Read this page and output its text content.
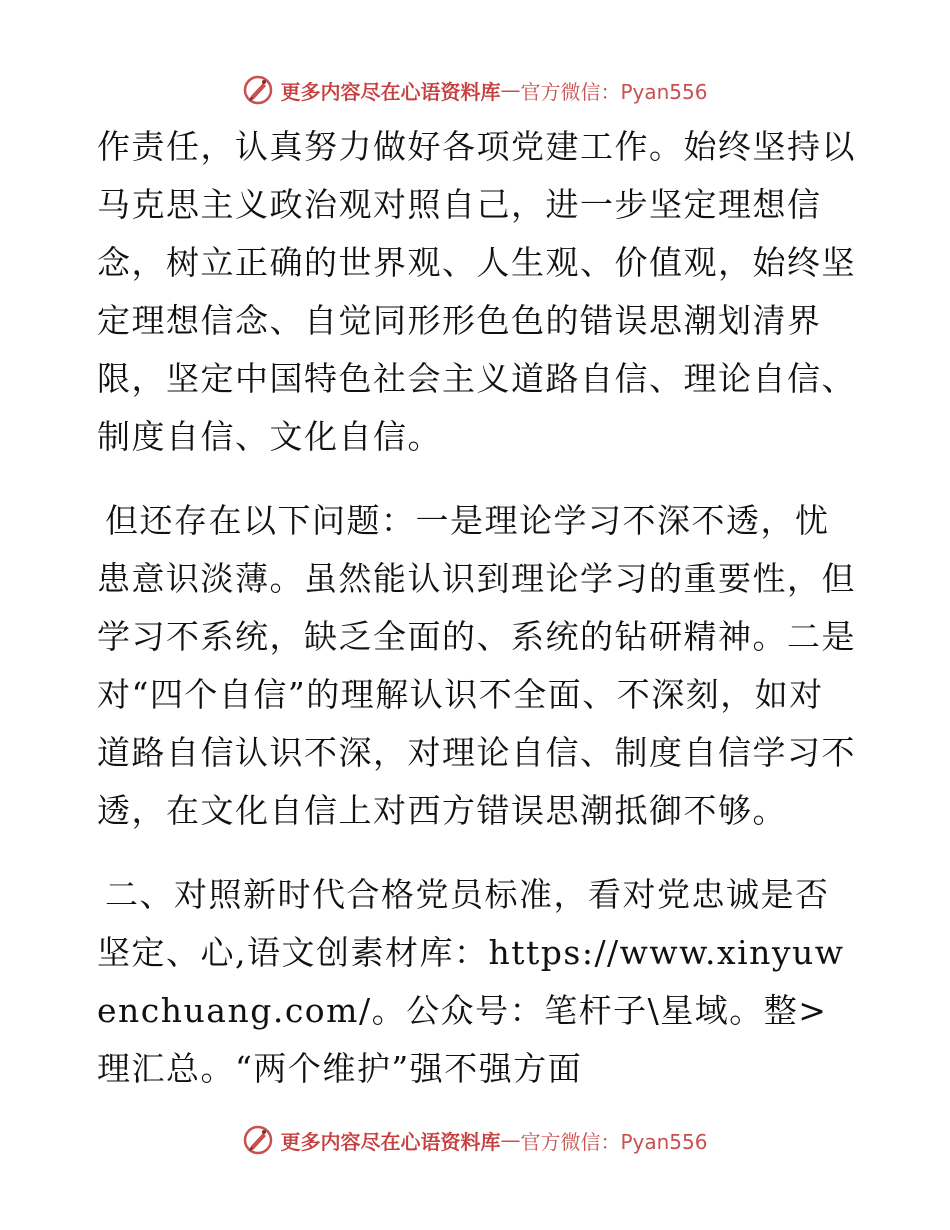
更多内容尽在心语资料库 — 官方微信：Pyan556

作责任，认真努力做好各项党建工作。始终坚持以马克思主义政治观对照自己，进一步坚定理想信念，树立正确的世界观、人生观、价值观，始终坚定理想信念、自觉同形形色色的错误思潮划清界限，坚定中国特色社会主义道路自信、理论自信、制度自信、文化自信。

但还存在以下问题：一是理论学习不深不透，忧患意识淡薄。虽然能认识到理论学习的重要性，但学习不系统，缺乏全面的、系统的钻研精神。二是对“四个自信”的理解认识不全面、不深刻，如对道路自信认识不深，对理论自信、制度自信学习不透，在文化自信上对西方错误思潮抵御不够。

二、对照新时代合格党员标准，看对党忠诚是否坚定、心,语文创素材库：https://www.xinyuwenchuang.com/。公众号：笔杆子\星域。整>理汇总。“两个维护”强不强方面

更多内容尽在心语资料库 — 官方微信：Pyan556
